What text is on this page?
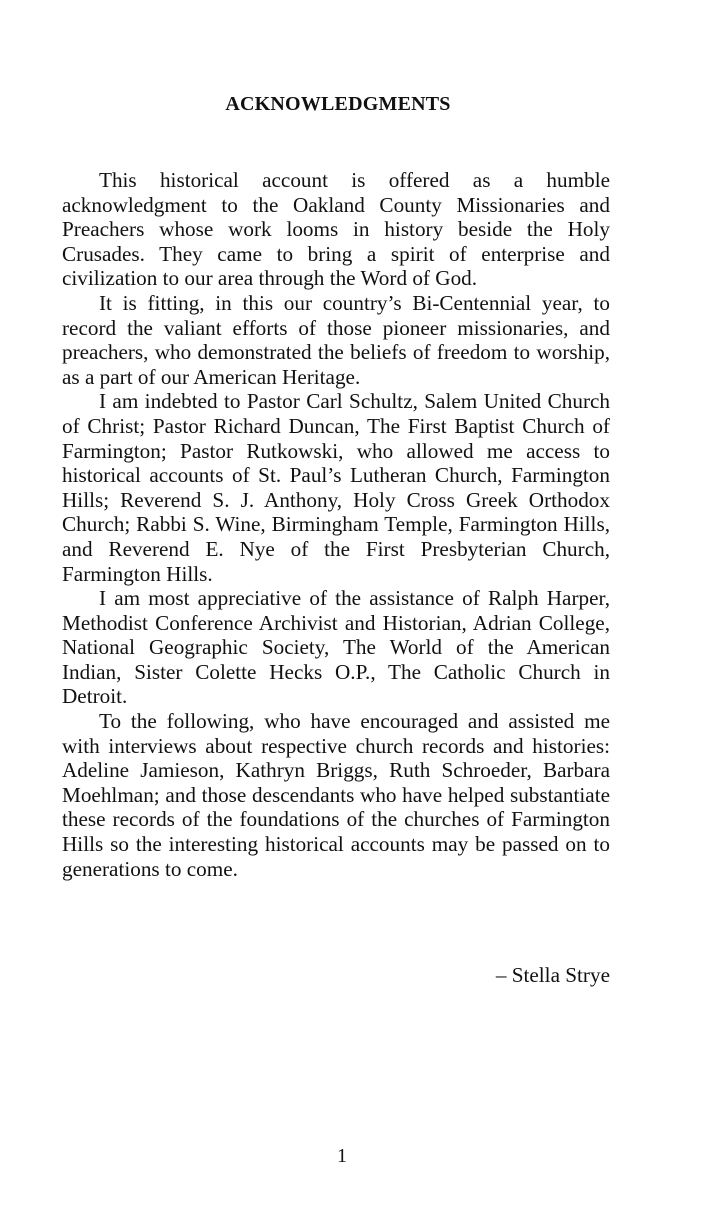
ACKNOWLEDGMENTS

This historical account is offered as a humble acknowledgment to the Oakland County Missionaries and Preachers whose work looms in history beside the Holy Crusades. They came to bring a spirit of enterprise and civilization to our area through the Word of God.

It is fitting, in this our country’s Bi-Centennial year, to record the valiant efforts of those pioneer missionaries, and preachers, who demonstrated the beliefs of freedom to worship, as a part of our American Heritage.

I am indebted to Pastor Carl Schultz, Salem United Church of Christ; Pastor Richard Duncan, The First Baptist Church of Farmington; Pastor Rutkowski, who allowed me access to historical accounts of St. Paul’s Lutheran Church, Farmington Hills; Reverend S. J. Anthony, Holy Cross Greek Orthodox Church; Rabbi S. Wine, Birmingham Temple, Farmington Hills, and Reverend E. Nye of the First Presbyterian Church, Farmington Hills.

I am most appreciative of the assistance of Ralph Harper, Methodist Conference Archivist and Historian, Adrian College, National Geographic Society, The World of the American Indian, Sister Colette Hecks O.P., The Catholic Church in Detroit.

To the following, who have encouraged and assisted me with interviews about respective church records and histories: Adeline Jamieson, Kathryn Briggs, Ruth Schroeder, Barbara Moehlman; and those descendants who have helped substantiate these records of the foundations of the churches of Farmington Hills so the interesting historical accounts may be passed on to generations to come.

– Stella Strye

1
